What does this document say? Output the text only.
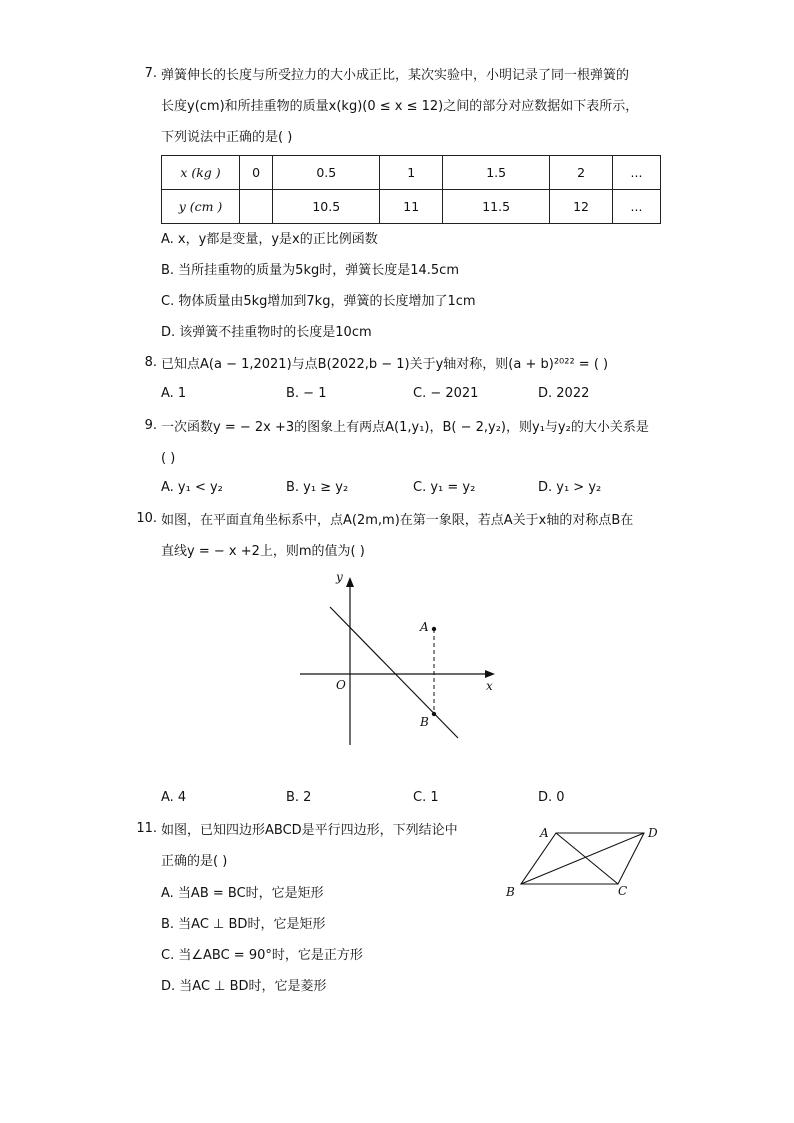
7. 弹簧伸长的长度与所受拉力的大小成正比，某次实验中，小明记录了同一根弹簧的
长度y(cm)和所挂重物的质量x(kg)(0 ≤ x ≤ 12)之间的部分对应数据如下表所示，
下列说法中正确的是( )
x (kg )	0	0.5	1	1.5	2	...
y (cm )		10.5	11	11.5	12	...
A. x，y都是变量，y是x的正比例函数
B. 当所挂重物的质量为5kg时，弹簧长度是14.5cm
C. 物体质量由5kg增加到7kg，弹簧的长度增加了1cm
D. 该弹簧不挂重物时的长度是10cm
8. 已知点A(a − 1,2021)与点B(2022,b − 1)关于y轴对称，则(a + b)²⁰²² = ( )
A. 1	B. − 1	C. − 2021	D. 2022
9. 一次函数y = − 2x +3的图象上有两点A(1,y₁)，B( − 2,y₂)，则y₁与y₂的大小关系是
( )
A. y₁ < y₂	B. y₁ ≥ y₂	C. y₁ = y₂	D. y₁ > y₂
10. 如图，在平面直角坐标系中，点A(2m,m)在第一象限，若点A关于x轴的对称点B在
直线y = − x +2上，则m的值为( )
y
x
O
A
B
A. 4	B. 2	C. 1	D. 0
11. 如图，已知四边形ABCD是平行四边形，下列结论中
正确的是( )
A	D
B	C
A. 当AB = BC时，它是矩形
B. 当AC ⊥ BD时，它是矩形
C. 当∠ABC = 90°时，它是正方形
D. 当AC ⊥ BD时，它是菱形
